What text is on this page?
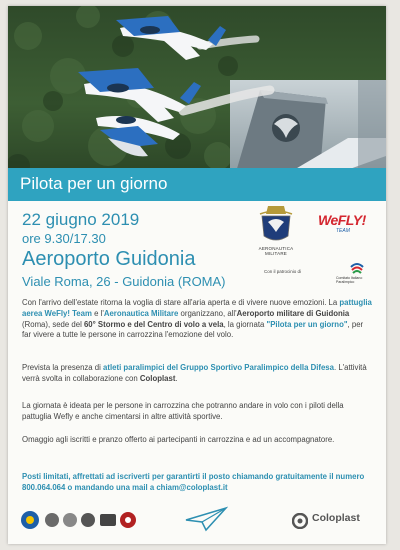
Pilota per un giorno
22 giugno 2019
ore 9.30/17.30
Aeroporto Guidonia
Viale Roma, 26 - Guidonia (ROMA)
AERONAUTICA MILITARE
WeFLY!
TEAM
Con il patrocinio di
Comitato Italiano Paralimpico

Con l'arrivo dell'estate ritorna la voglia di stare all'aria aperta e di vivere nuove emozioni. La pattuglia aerea WeFly! Team e l'Aeronautica Militare organizzano, all'Aeroporto militare di Guidonia (Roma), sede del 60° Stormo e del Centro di volo a vela, la giornata "Pilota per un giorno", per far vivere a tutte le persone in carrozzina l'emozione del volo.

Prevista la presenza di atleti paralimpici del Gruppo Sportivo Paralimpico della Difesa. L'attività verrà svolta in collaborazione con Coloplast.

La giornata è ideata per le persone in carrozzina che potranno andare in volo con i piloti della pattuglia Wefly e anche cimentarsi in altre attività sportive.

Omaggio agli iscritti e pranzo offerto ai partecipanti in carrozzina e ad un accompagnatore.

Posti limitati, affrettati ad iscriverti per garantirti il posto chiamando gratuitamente il numero 800.064.064 o mandando una mail a chiam@coloplast.it

Coloplast
